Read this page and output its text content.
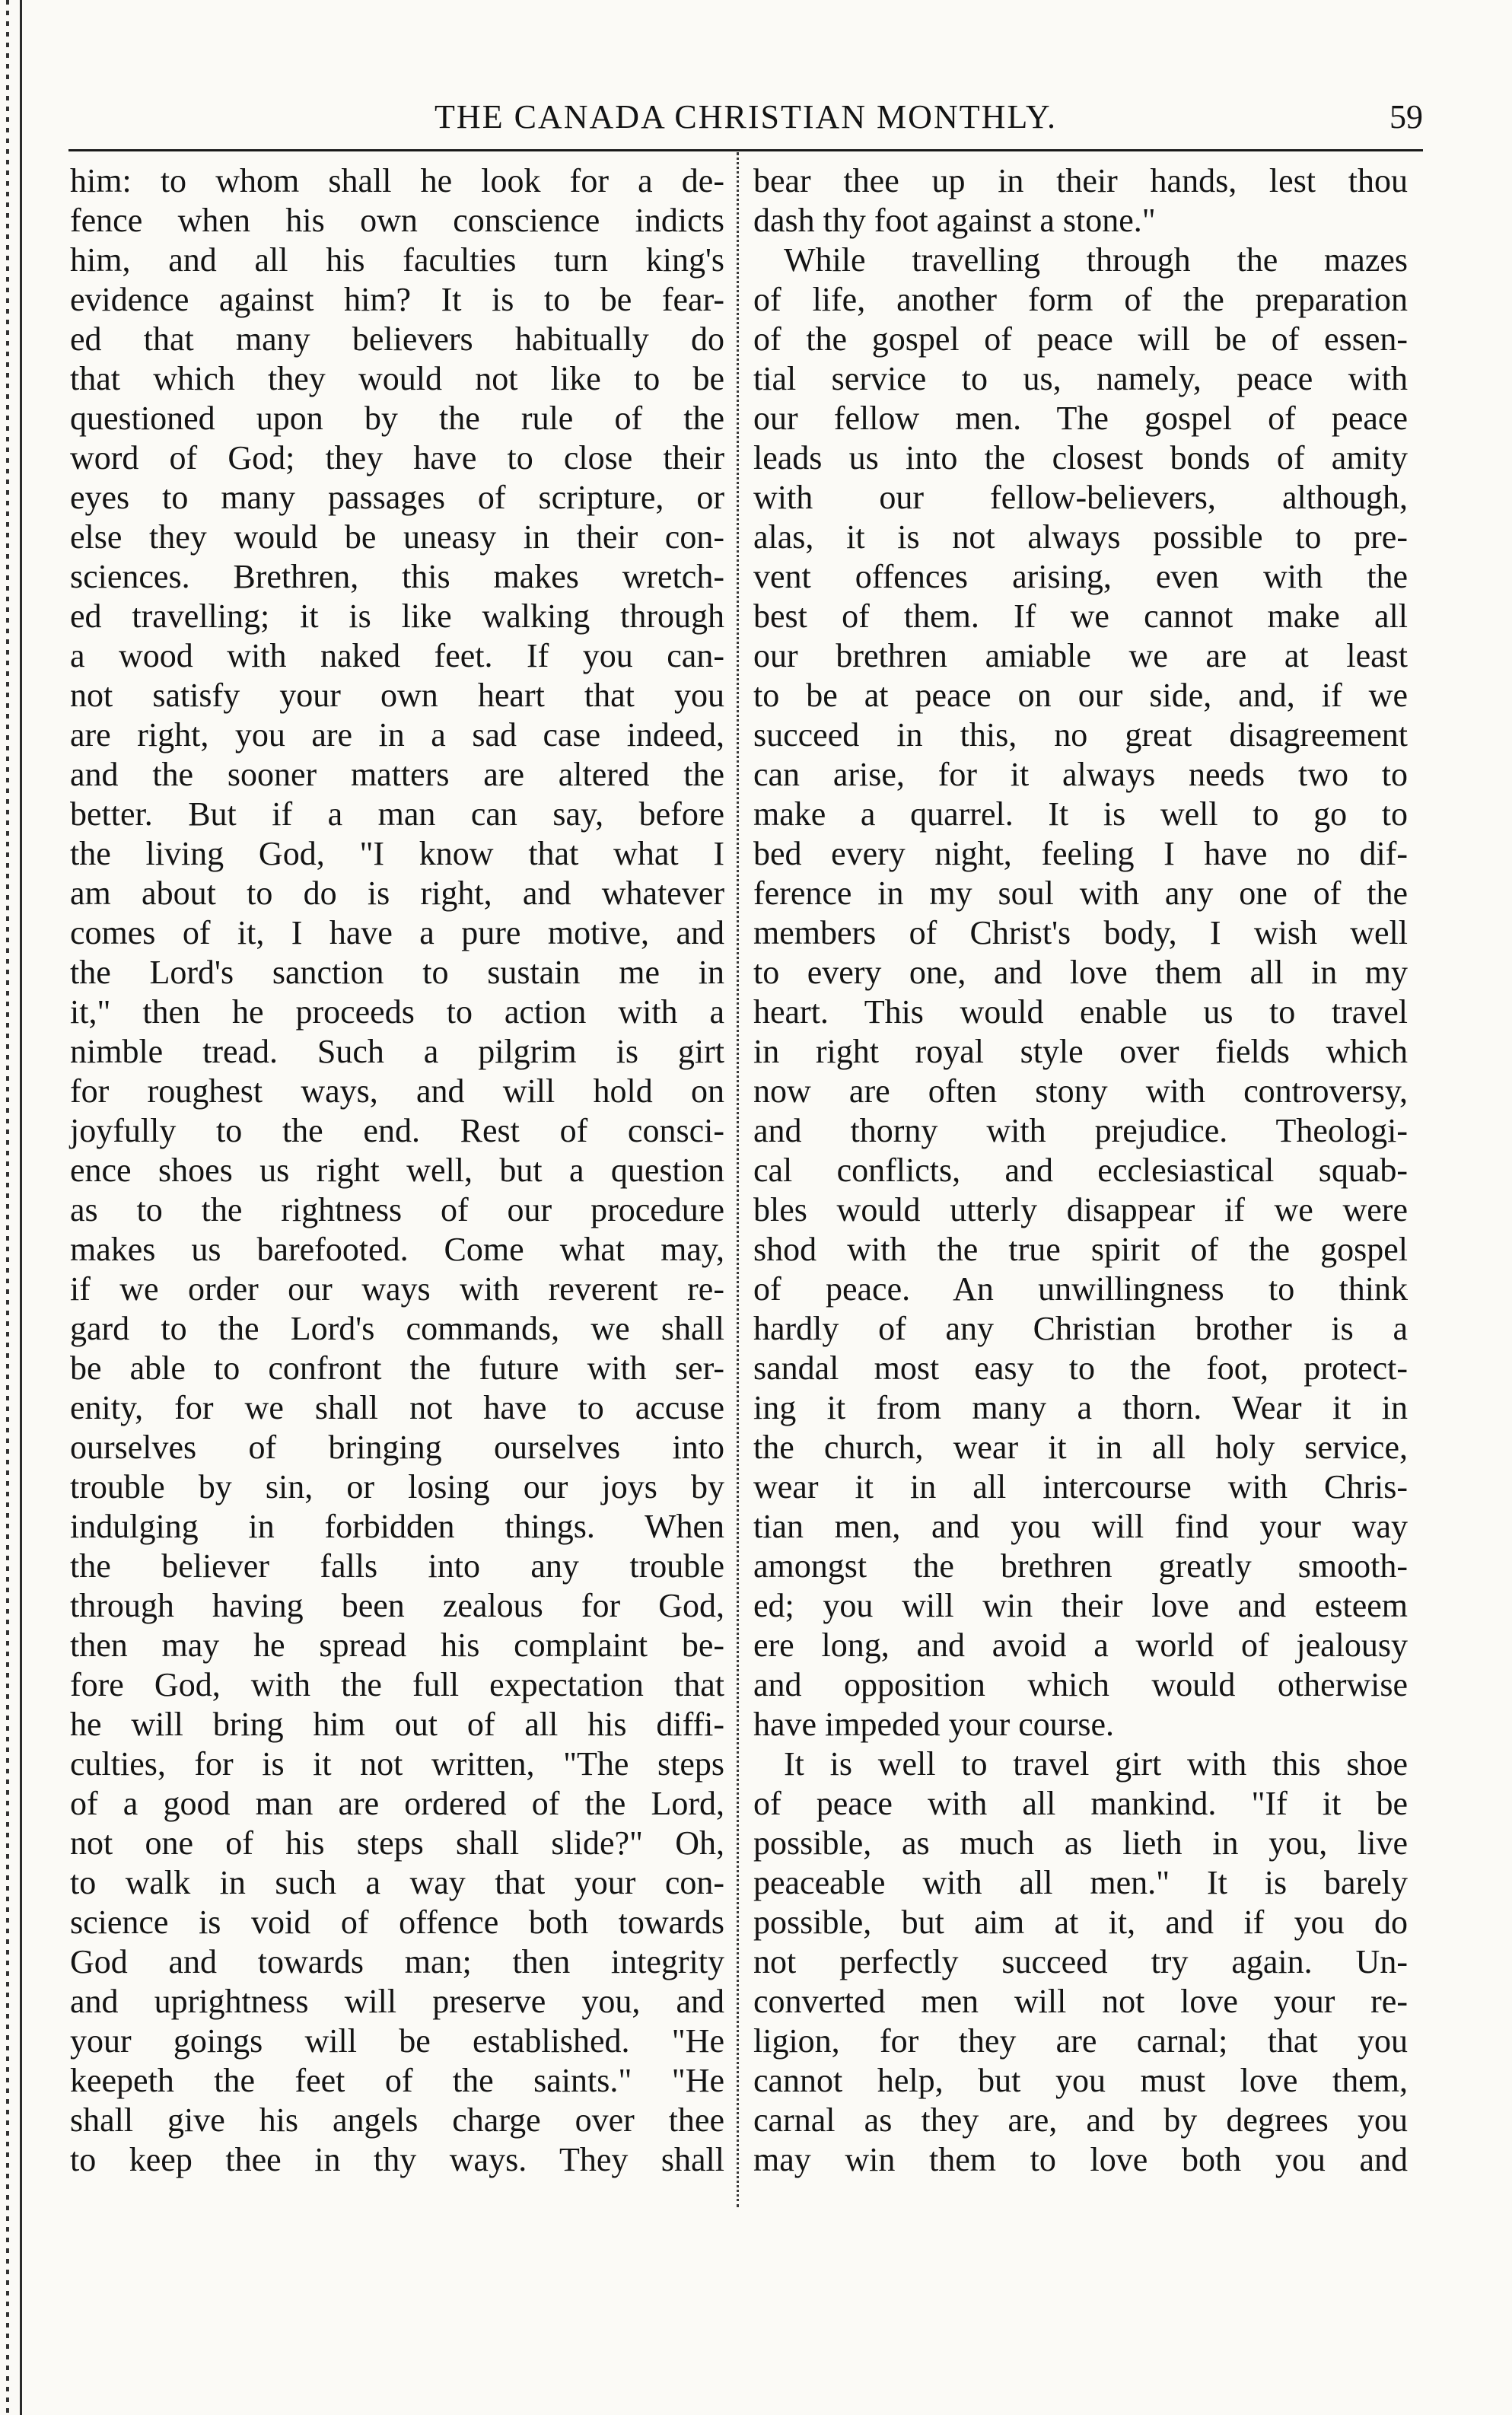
THE CANADA CHRISTIAN MONTHLY.	59
him: to whom shall he look for a de-
fence when his own conscience indicts
him, and all his faculties turn king's
evidence against him? It is to be fear-
ed that many believers habitually do
that which they would not like to be
questioned upon by the rule of the
word of God; they have to close their
eyes to many passages of scripture, or
else they would be uneasy in their con-
sciences. Brethren, this makes wretch-
ed travelling; it is like walking through
a wood with naked feet. If you can-
not satisfy your own heart that you
are right, you are in a sad case indeed,
and the sooner matters are altered the
better. But if a man can say, before
the living God, "I know that what I
am about to do is right, and whatever
comes of it, I have a pure motive, and
the Lord's sanction to sustain me in
it," then he proceeds to action with a
nimble tread. Such a pilgrim is girt
for roughest ways, and will hold on
joyfully to the end. Rest of consci-
ence shoes us right well, but a question
as to the rightness of our procedure
makes us barefooted. Come what may,
if we order our ways with reverent re-
gard to the Lord's commands, we shall
be able to confront the future with ser-
enity, for we shall not have to accuse
ourselves of bringing ourselves into
trouble by sin, or losing our joys by
indulging in forbidden things. When
the believer falls into any trouble
through having been zealous for God,
then may he spread his complaint be-
fore God, with the full expectation that
he will bring him out of all his diffi-
culties, for is it not written, "The steps
of a good man are ordered of the Lord,
not one of his steps shall slide?" Oh,
to walk in such a way that your con-
science is void of offence both towards
God and towards man; then integrity
and uprightness will preserve you, and
your goings will be established. "He
keepeth the feet of the saints." "He
shall give his angels charge over thee
to keep thee in thy ways. They shall
bear thee up in their hands, lest thou
dash thy foot against a stone."
While travelling through the mazes
of life, another form of the preparation
of the gospel of peace will be of essen-
tial service to us, namely, peace with
our fellow men. The gospel of peace
leads us into the closest bonds of amity
with our fellow-believers, although,
alas, it is not always possible to pre-
vent offences arising, even with the
best of them. If we cannot make all
our brethren amiable we are at least
to be at peace on our side, and, if we
succeed in this, no great disagreement
can arise, for it always needs two to
make a quarrel. It is well to go to
bed every night, feeling I have no dif-
ference in my soul with any one of the
members of Christ's body, I wish well
to every one, and love them all in my
heart. This would enable us to travel
in right royal style over fields which
now are often stony with controversy,
and thorny with prejudice. Theologi-
cal conflicts, and ecclesiastical squab-
bles would utterly disappear if we were
shod with the true spirit of the gospel
of peace. An unwillingness to think
hardly of any Christian brother is a
sandal most easy to the foot, protect-
ing it from many a thorn. Wear it in
the church, wear it in all holy service,
wear it in all intercourse with Chris-
tian men, and you will find your way
amongst the brethren greatly smooth-
ed; you will win their love and esteem
ere long, and avoid a world of jealousy
and opposition which would otherwise
have impeded your course.
It is well to travel girt with this shoe
of peace with all mankind. "If it be
possible, as much as lieth in you, live
peaceable with all men." It is barely
possible, but aim at it, and if you do
not perfectly succeed try again. Un-
converted men will not love your re-
ligion, for they are carnal; that you
cannot help, but you must love them,
carnal as they are, and by degrees you
may win them to love both you and
